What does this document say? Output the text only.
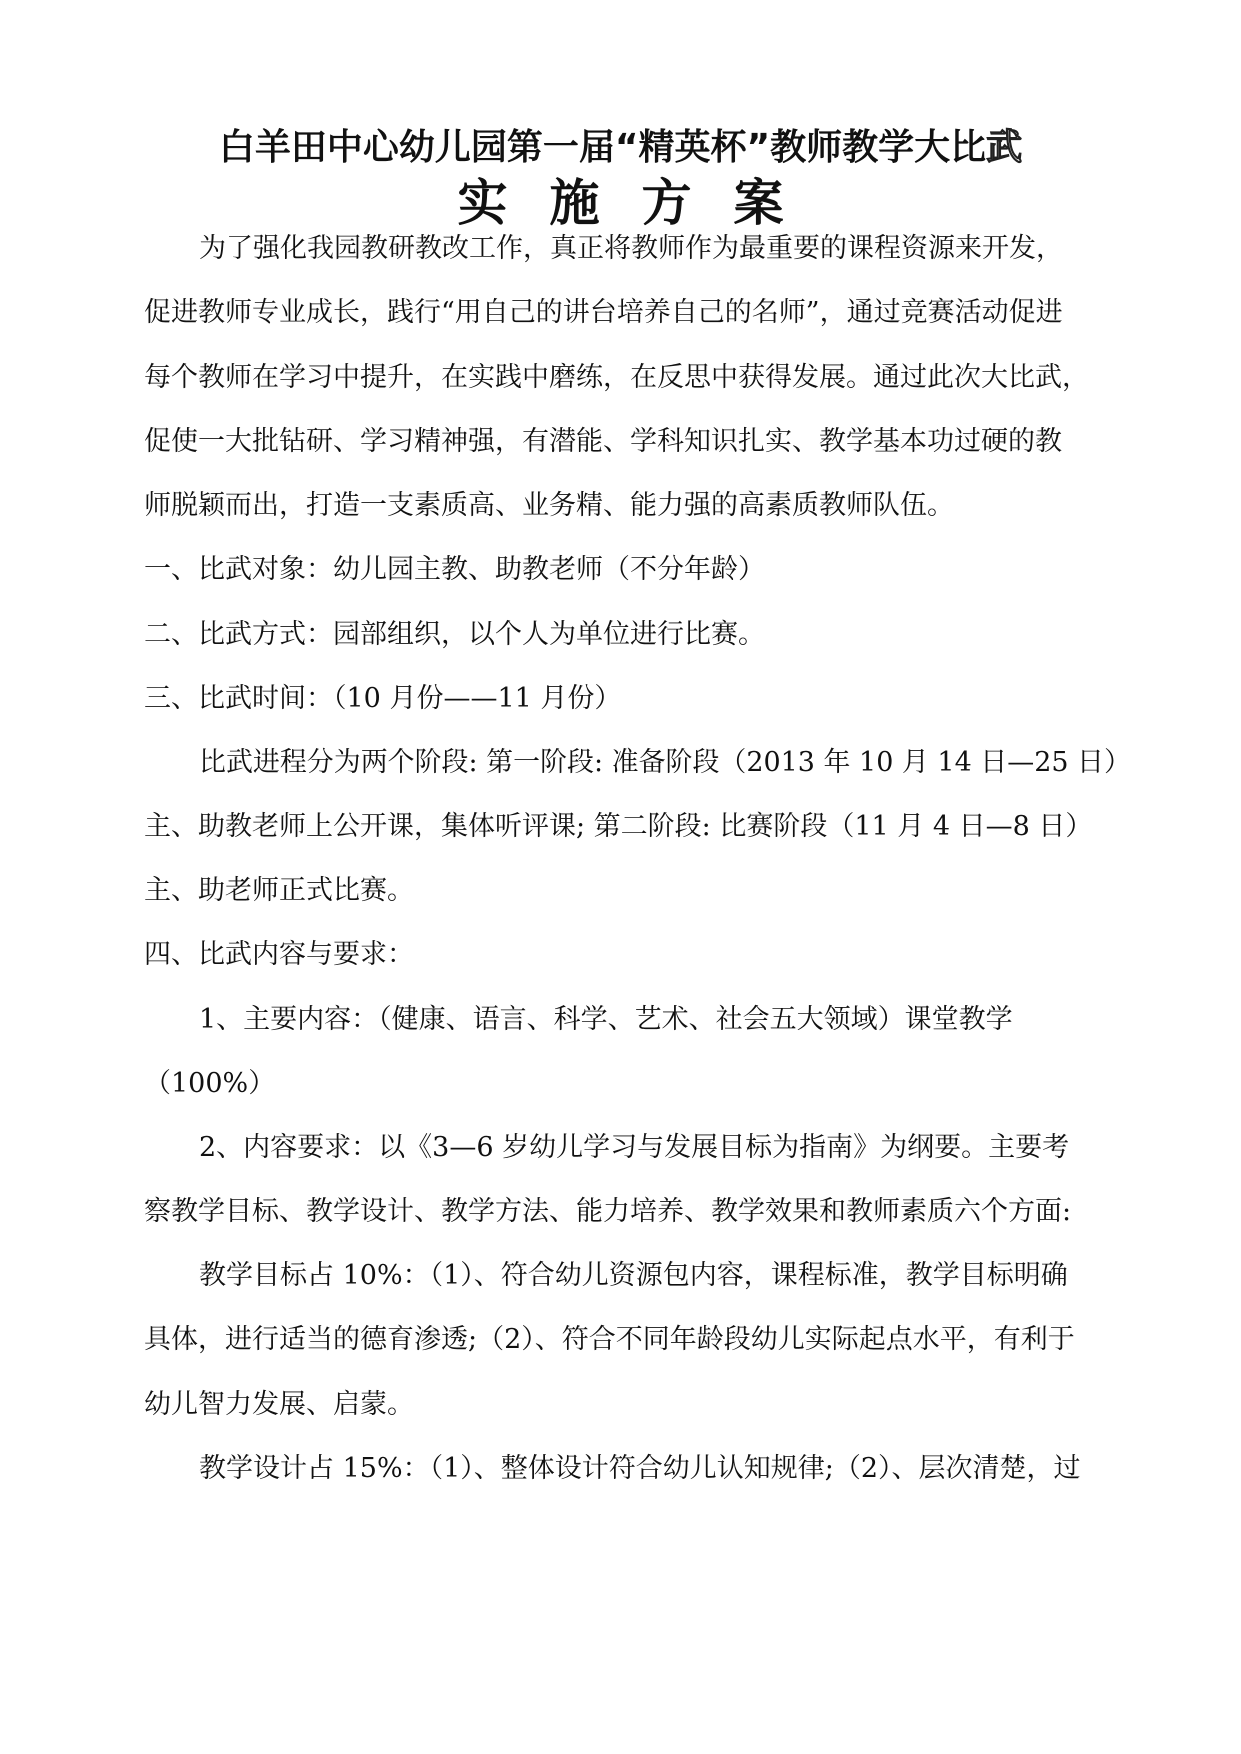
白羊田中心幼儿园第一届“精英杯”教师教学大比武
实施方案
为了强化我园教研教改工作，真正将教师作为最重要的课程资源来开发，
促进教师专业成长，践行“用自己的讲台培养自己的名师”，通过竞赛活动促进
每个教师在学习中提升，在实践中磨练，在反思中获得发展。通过此次大比武，
促使一大批钻研、学习精神强，有潜能、学科知识扎实、教学基本功过硬的教
师脱颖而出，打造一支素质高、业务精、能力强的高素质教师队伍。
一、比武对象：幼儿园主教、助教老师（不分年龄）
二、比武方式：园部组织，以个人为单位进行比赛。
三、比武时间：（10 月份——11 月份）
比武进程分为两个阶段: 第一阶段: 准备阶段（2013 年 10 月 14 日—25 日）
主、助教老师上公开课，集体听评课; 第二阶段: 比赛阶段（11 月 4 日—8 日）
主、助老师正式比赛。
四、比武内容与要求：
1、主要内容：（健康、语言、科学、艺术、社会五大领域）课堂教学
（100%）
2、内容要求：以《3—6 岁幼儿学习与发展目标为指南》为纲要。主要考
察教学目标、教学设计、教学方法、能力培养、教学效果和教师素质六个方面:
教学目标占 10%：（1）、符合幼儿资源包内容，课程标准，教学目标明确
具体，进行适当的德育渗透;（2）、符合不同年龄段幼儿实际起点水平，有利于
幼儿智力发展、启蒙。
教学设计占 15%：（1）、整体设计符合幼儿认知规律;（2）、层次清楚，过
